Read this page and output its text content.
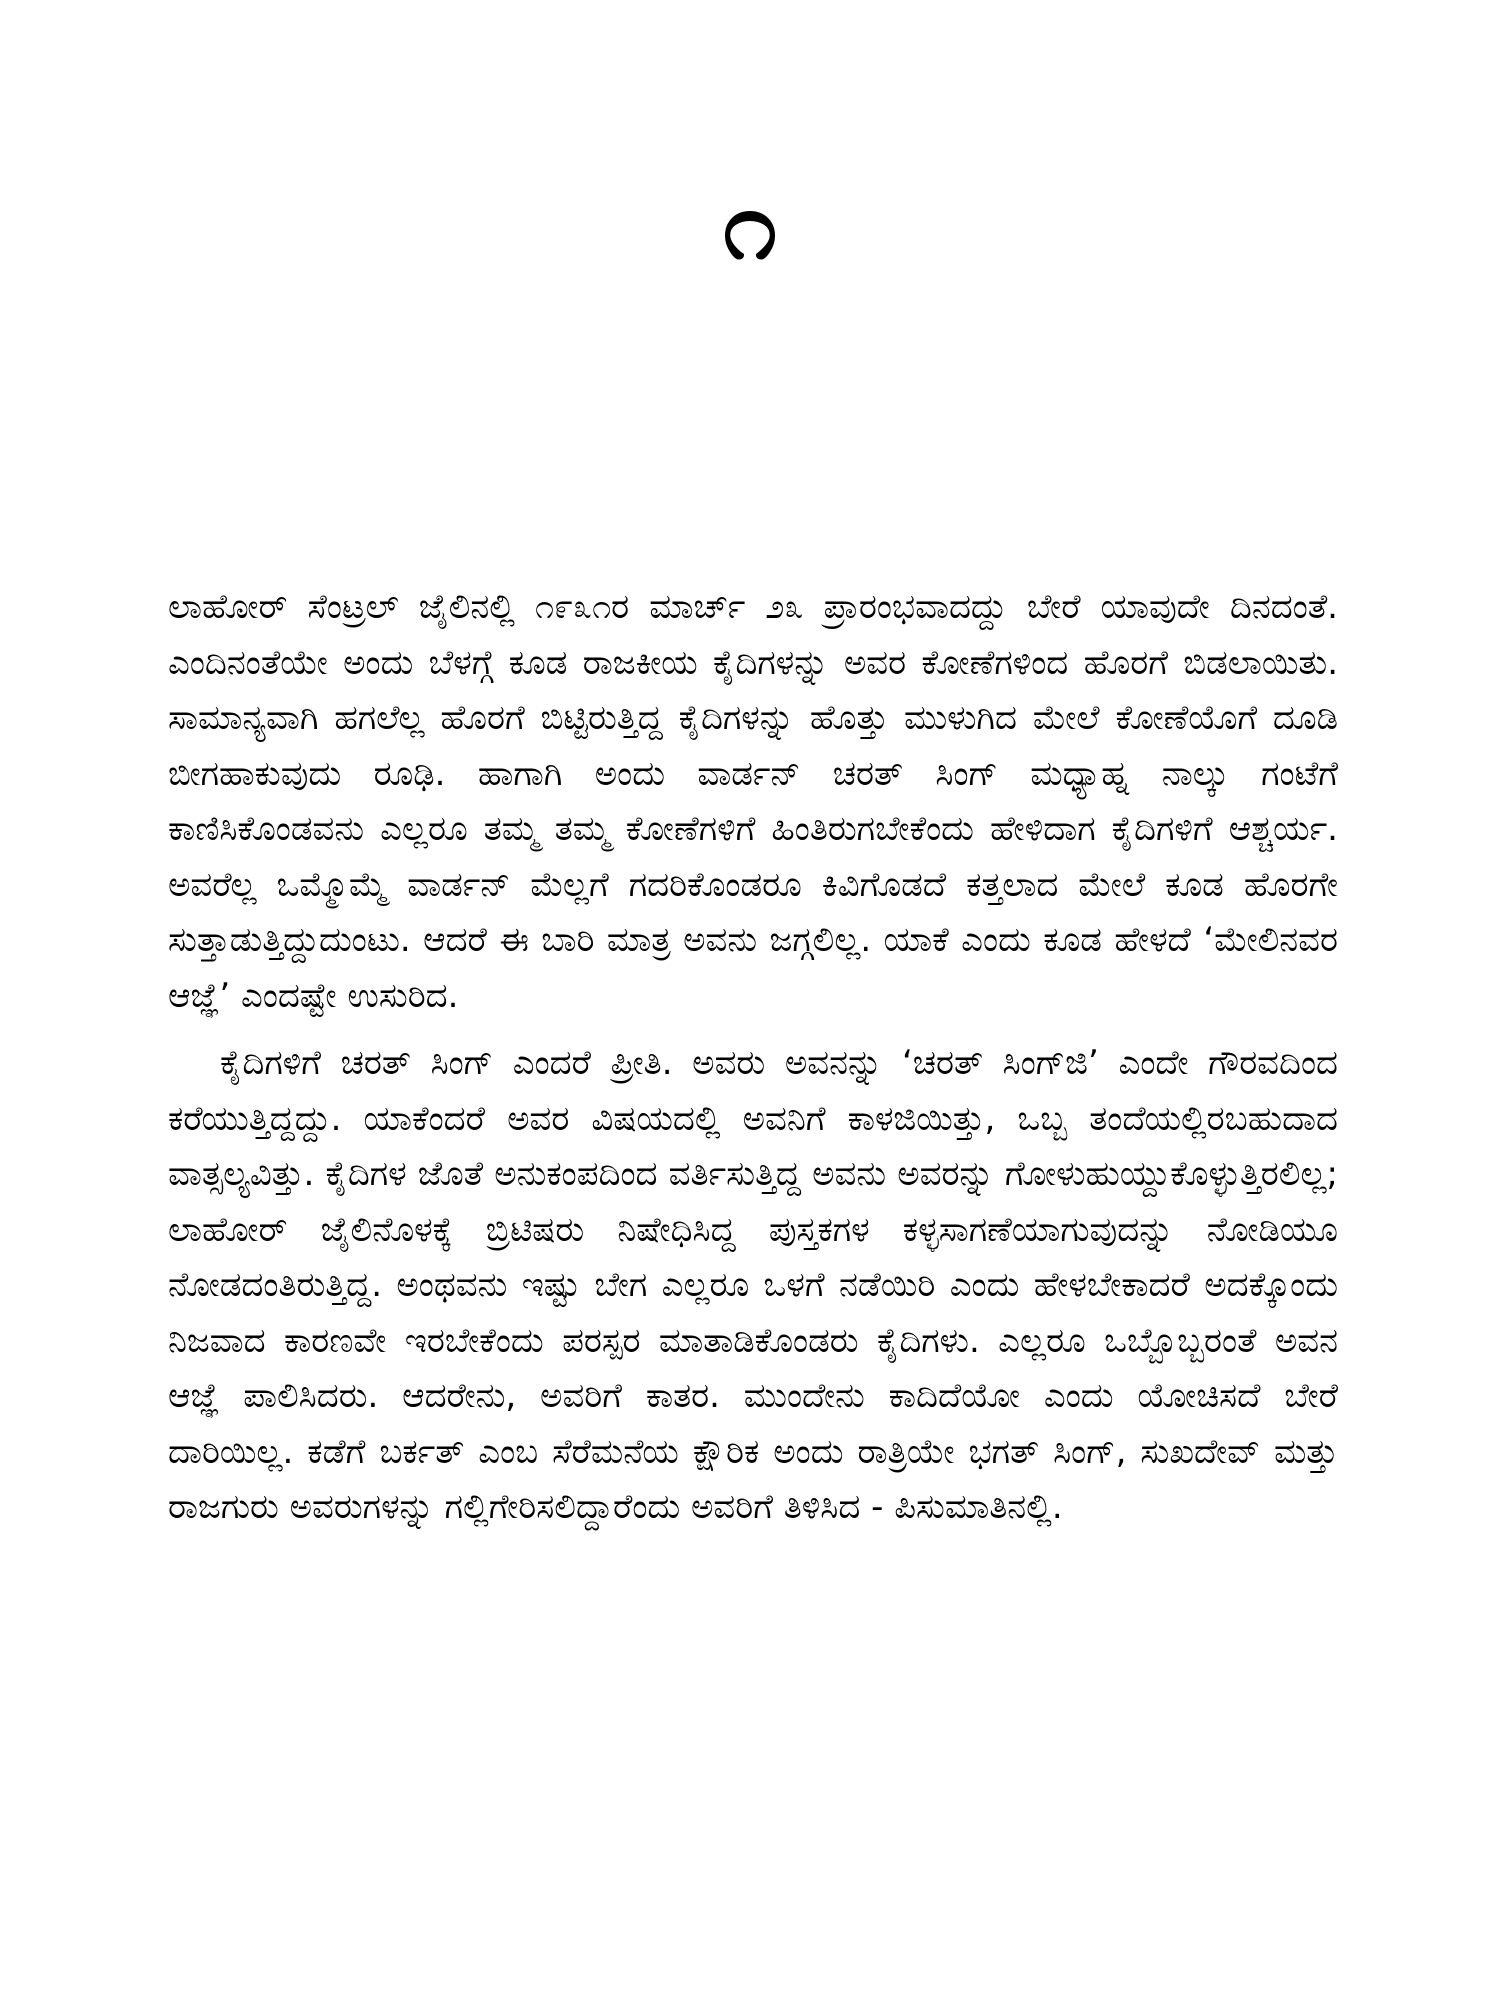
೧

ಲಾಹೋರ್ ಸೆಂಟ್ರಲ್ ಜೈಲಿನಲ್ಲಿ ೧೯೩೧ರ ಮಾರ್ಚ್ ೨೩ ಪ್ರಾರಂಭವಾದದ್ದು ಬೇರೆ ಯಾವುದೇ ದಿನದಂತೆ. ಎಂದಿನಂತೆಯೇ ಅಂದು ಬೆಳಗ್ಗೆ ಕೂಡ ರಾಜಕೀಯ ಕೈದಿಗಳನ್ನು ಅವರ ಕೋಣೆಗಳಿಂದ ಹೊರಗೆ ಬಿಡಲಾಯಿತು. ಸಾಮಾನ್ಯವಾಗಿ ಹಗಲೆಲ್ಲ ಹೊರಗೆ ಬಿಟ್ಟಿರುತ್ತಿದ್ದ ಕೈದಿಗಳನ್ನು ಹೊತ್ತು ಮುಳುಗಿದ ಮೇಲೆ ಕೋಣೆಯೊಗೆ ದೂಡಿ ಬೀಗಹಾಕುವುದು ರೂಢಿ. ಹಾಗಾಗಿ ಅಂದು ವಾರ್ಡನ್ ಚರತ್ ಸಿಂಗ್ ಮಧ್ಯಾಹ್ನ ನಾಲ್ಕು ಗಂಟೆಗೆ ಕಾಣಿಸಿಕೊಂಡವನು ಎಲ್ಲರೂ ತಮ್ಮ ತಮ್ಮ ಕೋಣೆಗಳಿಗೆ ಹಿಂತಿರುಗಬೇಕೆಂದು ಹೇಳಿದಾಗ ಕೈದಿಗಳಿಗೆ ಆಶ್ಚರ್ಯ. ಅವರೆಲ್ಲ ಒಮ್ಮೊಮ್ಮೆ ವಾರ್ಡನ್ ಮೆಲ್ಲಗೆ ಗದರಿಕೊಂಡರೂ ಕಿವಿಗೊಡದೆ ಕತ್ತಲಾದ ಮೇಲೆ ಕೂಡ ಹೊರಗೇ ಸುತ್ತಾಡುತ್ತಿದ್ದುದುಂಟು. ಆದರೆ ಈ ಬಾರಿ ಮಾತ್ರ ಅವನು ಜಗ್ಗಲಿಲ್ಲ. ಯಾಕೆ ಎಂದು ಕೂಡ ಹೇಳದೆ ‘ಮೇಲಿನವರ ಆಜ್ಞೆ’ ಎಂದಷ್ಟೇ ಉಸುರಿದ.

ಕೈದಿಗಳಿಗೆ ಚರತ್ ಸಿಂಗ್ ಎಂದರೆ ಪ್ರೀತಿ. ಅವರು ಅವನನ್ನು ‘ಚರತ್ ಸಿಂಗ್‌ಜಿ’ ಎಂದೇ ಗೌರವದಿಂದ ಕರೆಯುತ್ತಿದ್ದದ್ದು. ಯಾಕೆಂದರೆ ಅವರ ವಿಷಯದಲ್ಲಿ ಅವನಿಗೆ ಕಾಳಜಿಯಿತ್ತು, ಒಬ್ಬ ತಂದೆಯಲ್ಲಿರಬಹುದಾದ ವಾತ್ಸಲ್ಯವಿತ್ತು. ಕೈದಿಗಳ ಜೊತೆ ಅನುಕಂಪದಿಂದ ವರ್ತಿಸುತ್ತಿದ್ದ ಅವನು ಅವರನ್ನು ಗೋಳುಹುಯ್ದುಕೊಳ್ಳುತ್ತಿರಲಿಲ್ಲ; ಲಾಹೋರ್ ಜೈಲಿನೊಳಕ್ಕೆ ಬ್ರಿಟಿಷರು ನಿಷೇಧಿಸಿದ್ದ ಪುಸ್ತಕಗಳ ಕಳ್ಳಸಾಗಣೆಯಾಗುವುದನ್ನು ನೋಡಿಯೂ ನೋಡದಂತಿರುತ್ತಿದ್ದ. ಅಂಥವನು ಇಷ್ಟು ಬೇಗ ಎಲ್ಲರೂ ಒಳಗೆ ನಡೆಯಿರಿ ಎಂದು ಹೇಳಬೇಕಾದರೆ ಅದಕ್ಕೊಂದು ನಿಜವಾದ ಕಾರಣವೇ ಇರಬೇಕೆಂದು ಪರಸ್ಪರ ಮಾತಾಡಿಕೊಂಡರು ಕೈದಿಗಳು. ಎಲ್ಲರೂ ಒಬ್ಬೊಬ್ಬರಂತೆ ಅವನ ಆಜ್ಞೆ ಪಾಲಿಸಿದರು. ಆದರೇನು, ಅವರಿಗೆ ಕಾತರ. ಮುಂದೇನು ಕಾದಿದೆಯೋ ಎಂದು ಯೋಚಿಸದೆ ಬೇರೆ ದಾರಿಯಿಲ್ಲ. ಕಡೆಗೆ ಬರ್ಕತ್ ಎಂಬ ಸೆರೆಮನೆಯ ಕ್ಷೌರಿಕ ಅಂದು ರಾತ್ರಿಯೇ ಭಗತ್ ಸಿಂಗ್, ಸುಖದೇವ್ ಮತ್ತು ರಾಜಗುರು ಅವರುಗಳನ್ನು ಗಲ್ಲಿಗೇರಿಸಲಿದ್ದಾರೆಂದು ಅವರಿಗೆ ತಿಳಿಸಿದ - ಪಿಸುಮಾತಿನಲ್ಲಿ.
